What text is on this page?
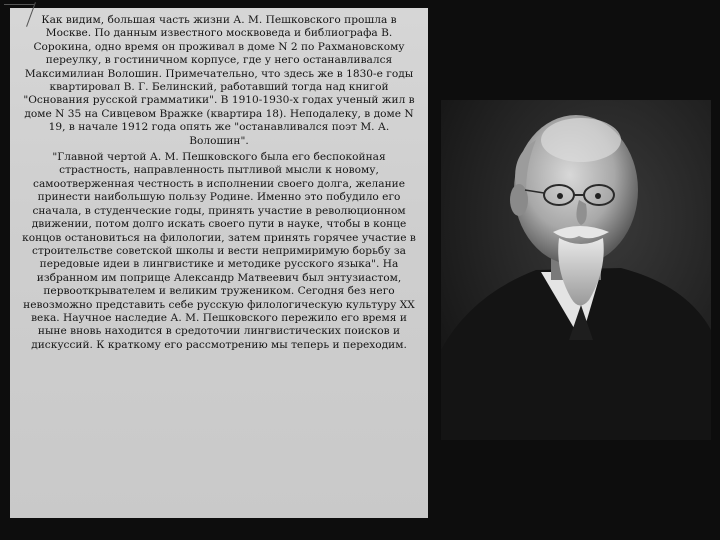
Как видим, большая часть жизни А. М. Пешковского прошла в Москве. По данным известного москвоведа и библиографа В. Сорокина, одно время он проживал в доме N 2 по Рахмановскому переулку, в гостиничном корпусе, где у него останавливался Максимилиан Волошин. Примечательно, что здесь же в 1830-е годы квартировал В. Г. Белинский, работавший тогда над книгой "Основания русской грамматики". В 1910-1930-х годах ученый жил в доме N 35 на Сивцевом Вражке (квартира 18). Неподалеку, в доме N 19, в начале 1912 года опять же "останавливался поэт М. А. Волошин".

"Главной чертой А. М. Пешковского была его беспокойная страстность, направленность пытливой мысли к новому, самоотверженная честность в исполнении своего долга, желание принести наибольшую пользу Родине. Именно это побудило его сначала, в студенческие годы, принять участие в революционном движении, потом долго искать своего пути в науке, чтобы в конце концов остановиться на филологии, затем принять горячее участие в строительстве советской школы и вести непримиримую борьбу за передовые идеи в лингвистике и методике русского языка". На избранном им поприще Александр Матвеевич был энтузиастом, первооткрывателем и великим тружеником. Сегодня без него невозможно представить себе русскую филологическую культуру XX века. Научное наследие А. М. Пешковского пережило его время и ныне вновь находится в средоточии лингвистических поисков и дискуссий. К краткому его рассмотрению мы теперь и переходим.
